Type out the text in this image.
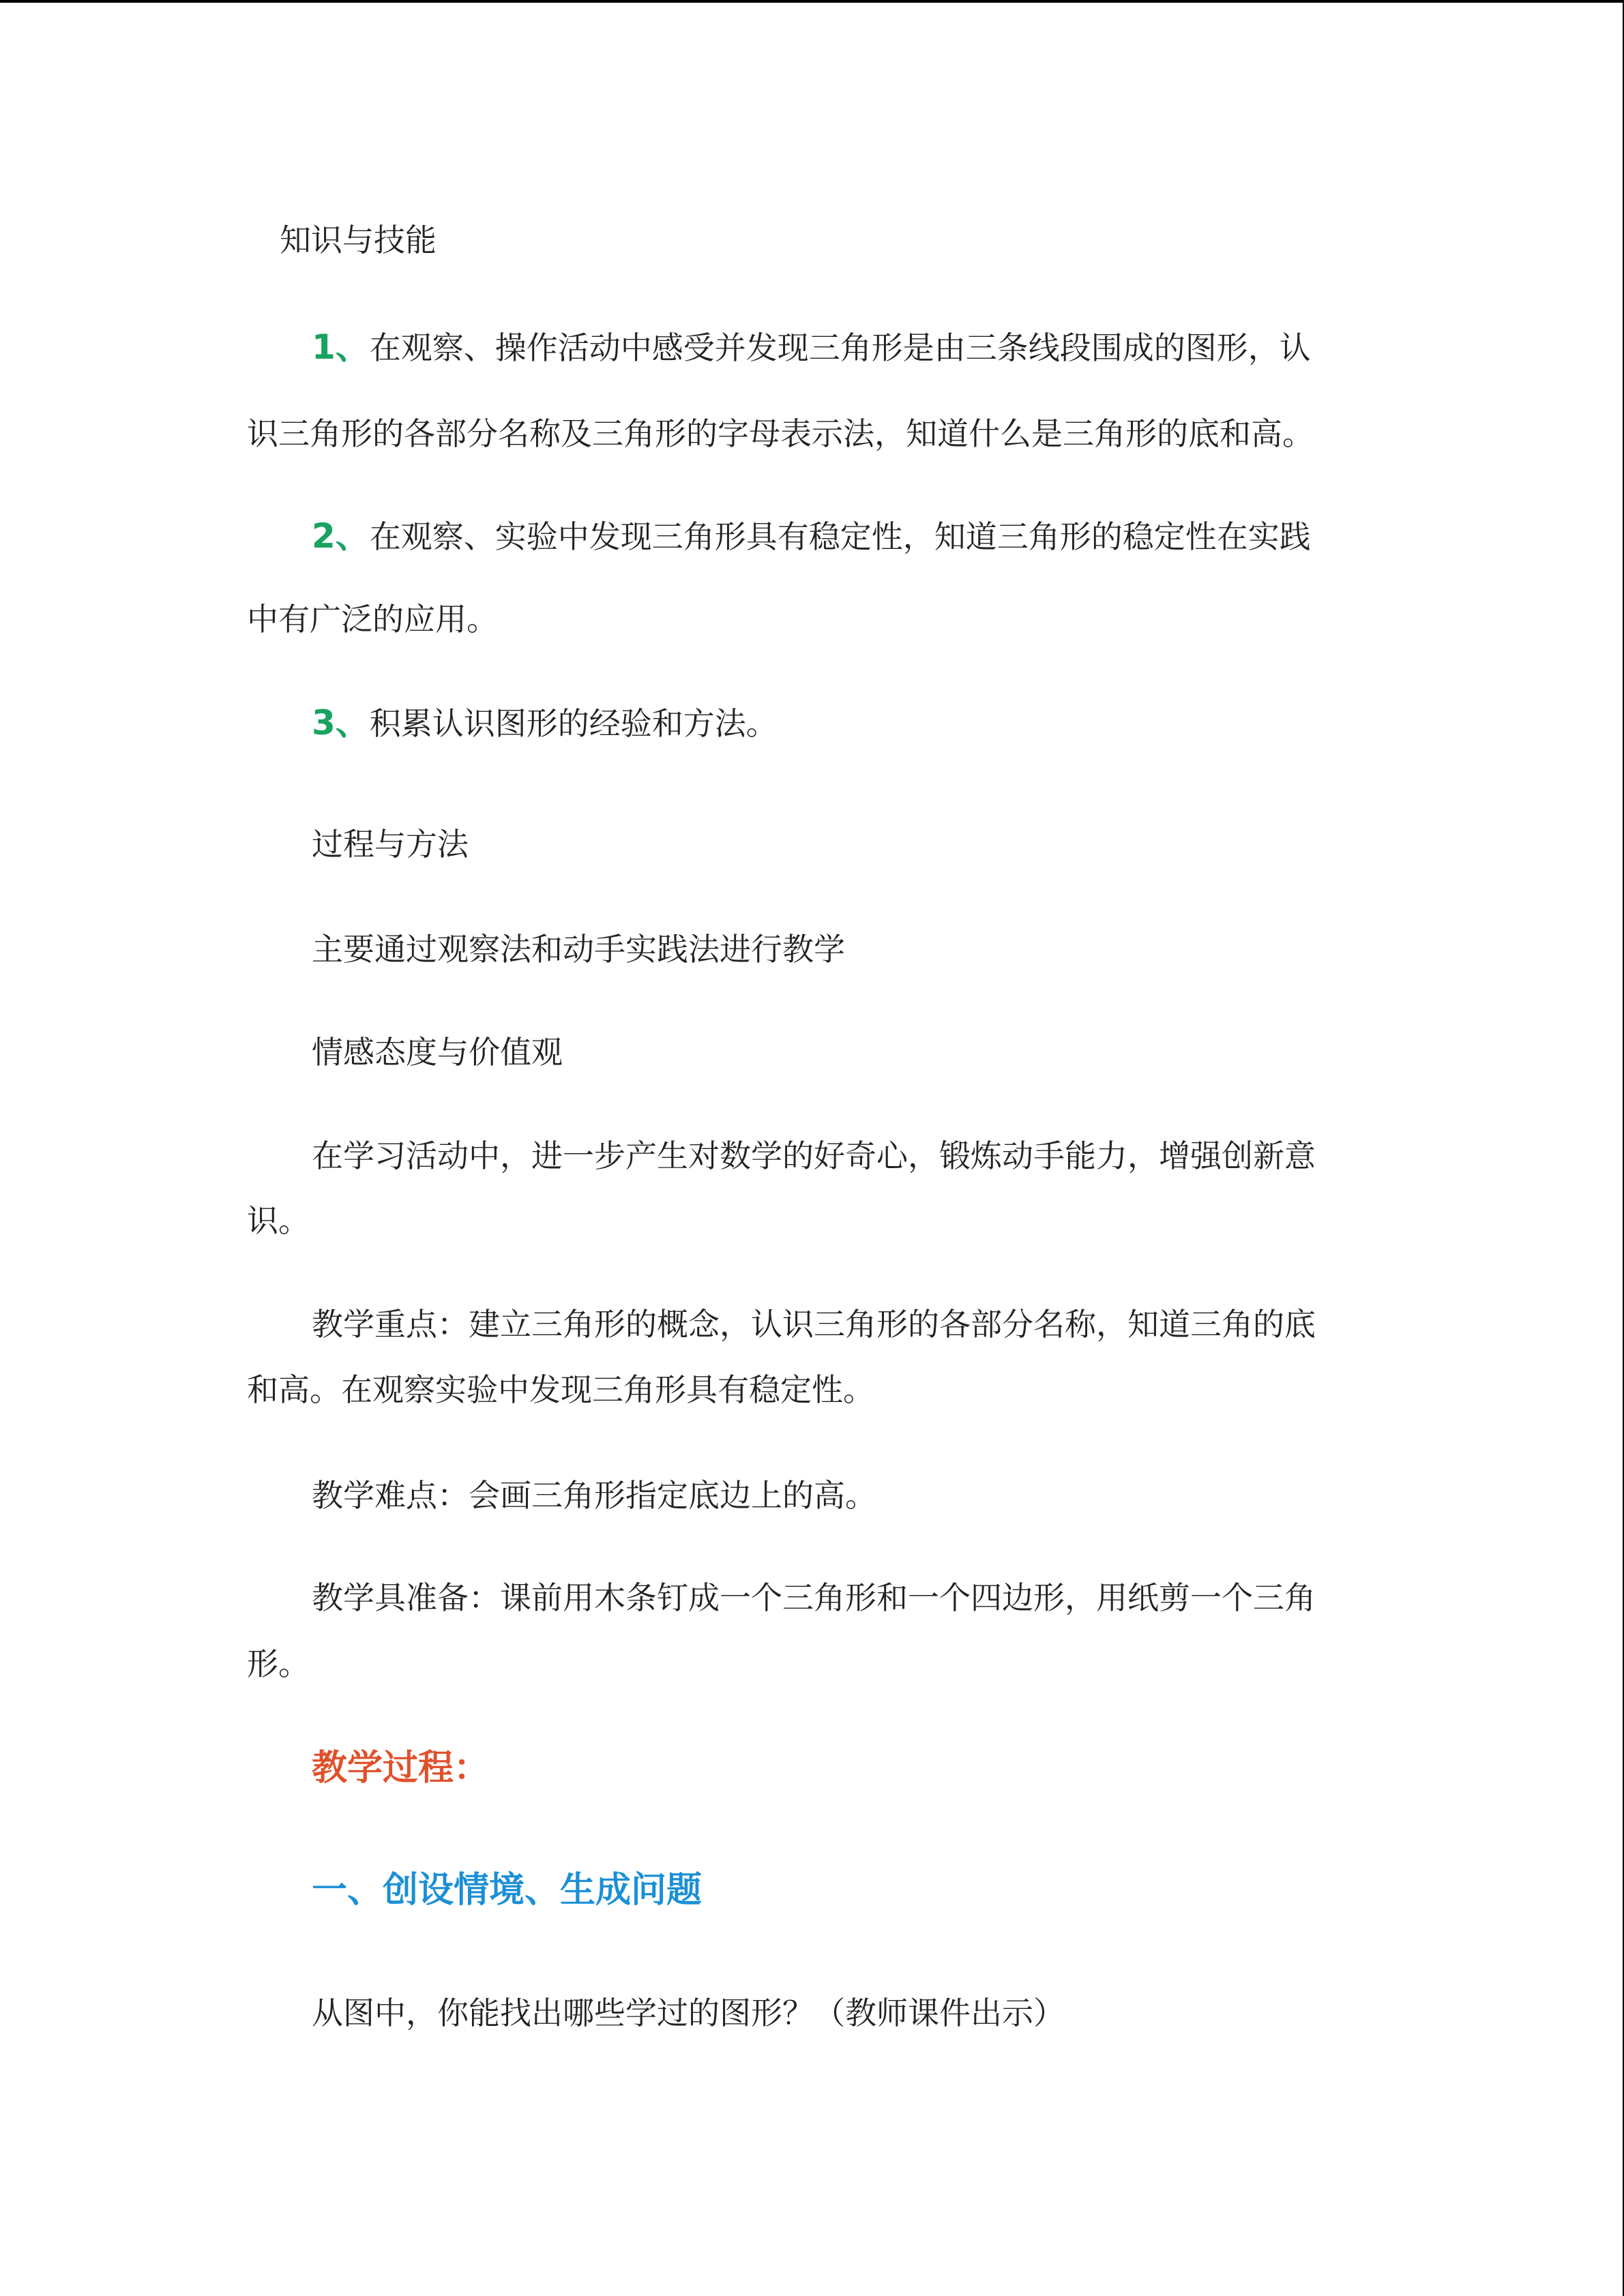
知识与技能
1、在观察、操作活动中感受并发现三角形是由三条线段围成的图形，认
识三角形的各部分名称及三角形的字母表示法，知道什么是三角形的底和高。
2、在观察、实验中发现三角形具有稳定性，知道三角形的稳定性在实践
中有广泛的应用。
3、积累认识图形的经验和方法。
过程与方法
主要通过观察法和动手实践法进行教学
情感态度与价值观
在学习活动中，进一步产生对数学的好奇心，锻炼动手能力，增强创新意
识。
教学重点：建立三角形的概念，认识三角形的各部分名称，知道三角的底
和高。在观察实验中发现三角形具有稳定性。
教学难点：会画三角形指定底边上的高。
教学具准备：课前用木条钉成一个三角形和一个四边形，用纸剪一个三角
形。
教学过程：
一、创设情境、生成问题
从图中，你能找出哪些学过的图形？（教师课件出示）
